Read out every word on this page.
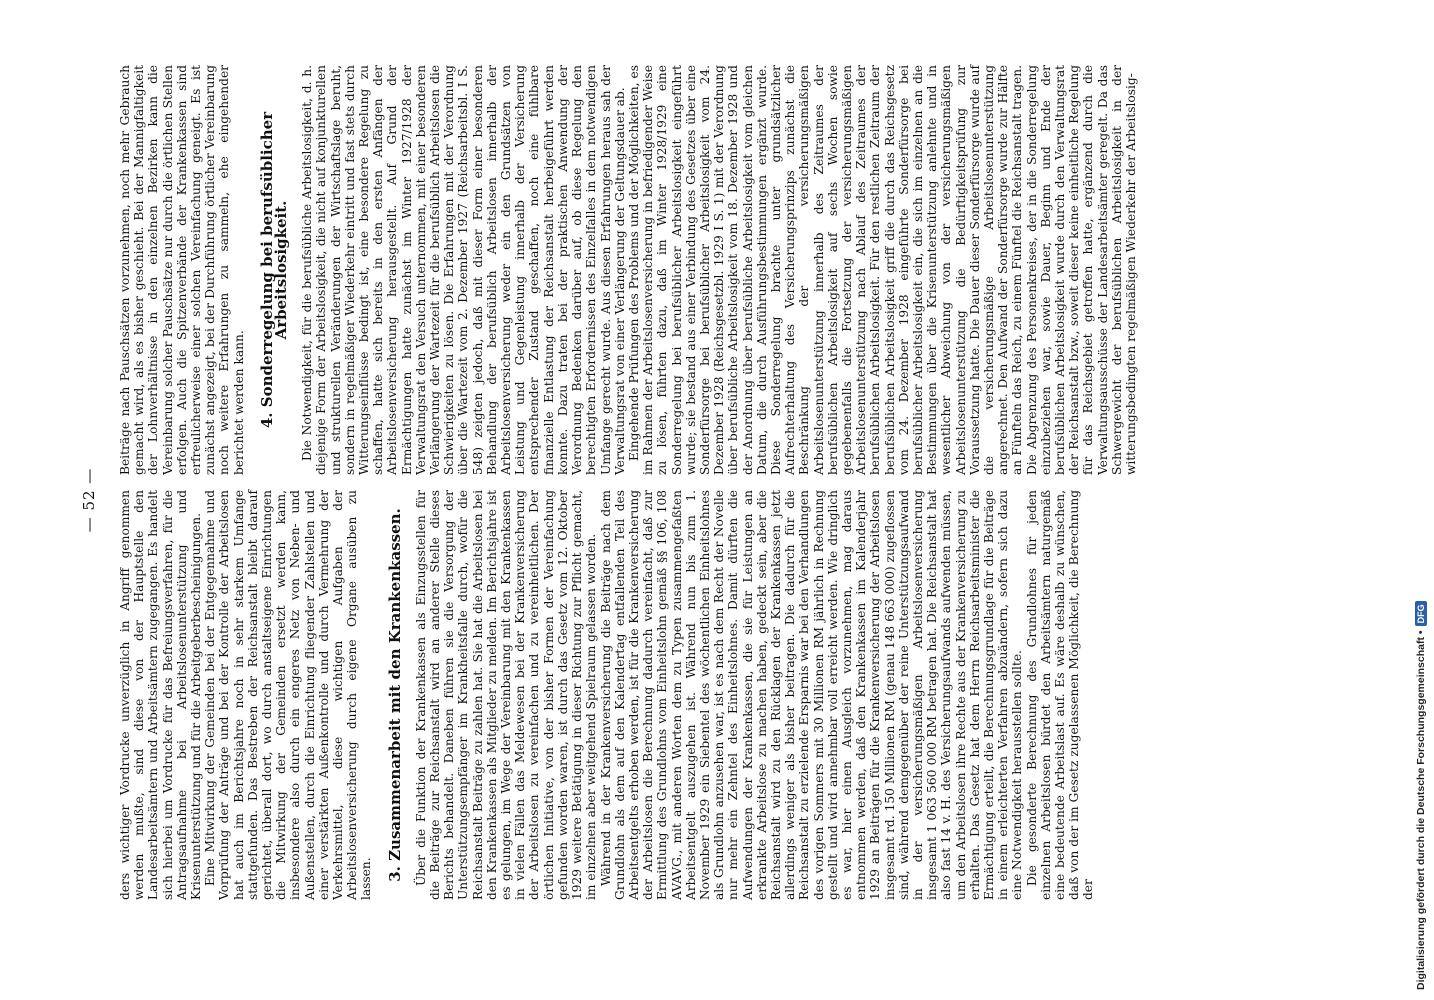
— 52 — ders wichtiger Vordrucke unverzüglich in Angriff genommen werden mußte, sind diese von der Hauptstelle den Landesarbeitsämtern und Arbeitsämtern zugegangen. Es handelt sich hierbei um Vordrucke für das Befreiungsverfahren, für die Antragsaufnahme bei Arbeitslosenunterstützung und Krisenunterstützung und für die Arbeitgeberbescheinigungen. Eine Mitwirkung der Gemeinden bei der Entgegennahme und Vorprüfung der Anträge und bei der Kontrolle der Arbeitslosen hat auch im Berichtsjahre noch in sehr starkem Umfange stattgefunden. Das Bestreben der Reichsanstalt bleibt darauf gerichtet, überall dort, wo durch anstaltseigene Einrichtungen die Mitwirkung der Gemeinden ersetzt werden kann, insbesondere also durch ein engeres Netz von Neben- und Außenstellen, durch die Einrichtung fliegender Zahlstellen und einer verstärkten Außenkontrolle und durch Vermehrung der Verkehrsmittel, diese wichtigen Aufgaben der Arbeitslosenversicherung durch eigene Organe ausüben zu lassen. 3. Zusammenarbeit mit den Krankenkassen. Über die Funktion der Krankenkassen als Einzugsstellen für die Beiträge zur Reichsanstalt wird an anderer Stelle dieses Berichts behandelt. Daneben führen sie die Versorgung der Unterstützungsempfänger im Krankheitsfalle durch, wofür die Reichsanstalt Beiträge zu zahlen hat. Sie hat die Arbeitslosen bei den Krankenkassen als Mitglieder zu melden. Im Berichtsjahre ist es gelungen, im Wege der Vereinbarung mit den Krankenkassen in vielen Fällen das Meldewesen bei der Krankenversicherung der Arbeitslosen zu vereinfachen und zu vereinheitlichen. Der örtlichen Initiative, von der bisher Formen der Vereinfachung gefunden worden waren, ist durch das Gesetz vom 12. Oktober 1929 weitere Betätigung in dieser Richtung zur Pflicht gemacht, im einzelnen aber weitgehend Spielraum gelassen worden. Während in der Krankenversicherung die Beiträge nach dem Grundlohn als dem auf den Kalendertag entfallenden Teil des Arbeitsentgelts erhoben werden, ist für die Krankenversicherung der Arbeitslosen die Berechnung dadurch vereinfacht, daß zur Ermittlung des Grundlohns vom Einheitslohn gemäß §§ 106, 108 AVAVG., mit anderen Worten dem zu Typen zusammengefaßten Arbeitsentgelt auszugehen ist. Während nun bis zum 1. November 1929 ein Siebentel des wöchentlichen Einheitslohnes als Grundlohn anzusehen war, ist es nach dem Recht der Novelle nur mehr ein Zehntel des Einheitslohnes. Damit dürften die Aufwendungen der Krankenkassen, die sie für Leistungen an erkrankte Arbeitslose zu machen haben, gedeckt sein, aber die Reichsanstalt wird zu den Rücklagen der Krankenkassen jetzt allerdings weniger als bisher beitragen. Die dadurch für die Reichsanstalt zu erzielende Ersparnis war bei den Verhandlungen des vorigen Sommers mit 30 Millionen RM jährlich in Rechnung gestellt und wird annehmbar voll erreicht werden. Wie dringlich es war, hier einen Ausgleich vorzunehmen, mag daraus entnommen werden, daß den Krankenkassen im Kalenderjahr 1929 an Beiträgen für die Krankenversicherung der Arbeitslosen insgesamt rd. 150 Millionen RM (genau 148 663 000) zugeflossen sind, während demgegenüber der reine Unterstützungsaufwand in der versicherungsmäßigen Arbeitslosenversicherung insgesamt 1 063 560 000 RM betragen hat. Die Reichsanstalt hat also fast 14 v. H. des Versicherungsaufwands aufwenden müssen, um den Arbeitslosen ihre Rechte aus der Krankenversicherung zu erhalten. Das Gesetz hat dem Herrn Reichsarbeitsminister die Ermächtigung erteilt, die Berechnungsgrundlage für die Beiträge in einem erleichterten Verfahren abzuändern, sofern sich dazu eine Notwendigkeit herausstellen sollte. Die gesonderte Berechnung des Grundlohnes für jeden einzelnen Arbeitslosen bürdet den Arbeitsämtern naturgemäß eine bedeutende Arbeitslast auf. Es wäre deshalb zu wünschen, daß von der im Gesetz zugelassenen Möglichkeit, die Berechnung der

Beiträge nach Pauschsätzen vorzunehmen, noch mehr Gebrauch gemacht wird, als es bisher geschieht. Bei der Mannigfaltigkeit der Lohnverhältnisse in den einzelnen Bezirken kann die Vereinbarung solcher Pauschsätze nur durch die örtlichen Stellen erfolgen. Auch die Spitzenverbände der Krankenkassen sind erfreulicherweise einer solchen Vereinfachung geneigt. Es ist zunächst angezeigt, bei der Durchführung örtlicher Vereinbarung noch weitere Erfahrungen zu sammeln, ehe eingehender berichtet werden kann. 4. Sonderregelung bei berufsüblicher Arbeitslosigkeit. Die Notwendigkeit, für die berufsübliche Arbeitslosigkeit, d. h. diejenige Form der Arbeitslosigkeit, die nicht auf konjunkturellen und strukturellen Veränderungen der Wirtschaftslage beruht, sondern in regelmäßiger Wiederkehr eintritt und fast stets durch Witterungseinflüsse bedingt ist, eine besondere Regelung zu schaffen, hatte sich bereits in den ersten Anfängen der Arbeitslosenversicherung herausgestellt. Auf Grund der Ermächtigungen hatte zunächst im Winter 1927/1928 der Verwaltungsrat den Versuch unternommen, mit einer besonderen Verlängerung der Wartezeit für die berufsüblich Arbeitslosen die Schwierigkeiten zu lösen. Die Erfahrungen mit der Verordnung über die Wartezeit vom 2. Dezember 1927 (Reichsarbeitsbl. I S. 548) zeigten jedoch, daß mit dieser Form einer besonderen Behandlung der berufsüblich Arbeitslosen innerhalb der Arbeitslosenversicherung weder ein den Grundsätzen von Leistung und Gegenleistung innerhalb der Versicherung entsprechender Zustand geschaffen, noch eine fühlbare finanzielle Entlastung der Reichsanstalt herbeigeführt werden konnte. Dazu traten bei der praktischen Anwendung der Verordnung Bedenken darüber auf, ob diese Regelung den berechtigten Erfordernissen des Einzelfalles in dem notwendigen Umfange gerecht wurde. Aus diesen Erfahrungen heraus sah der Verwaltungsrat von einer Verlängerung der Geltungsdauer ab. Eingehende Prüfungen des Problems und der Möglichkeiten, es im Rahmen der Arbeitslosenversicherung in befriedigender Weise zu lösen, führten dazu, daß im Winter 1928/1929 eine Sonderregelung bei berufsüblicher Arbeitslosigkeit eingeführt wurde; sie bestand aus einer Verbindung des Gesetzes über eine Sonderfürsorge bei berufsüblicher Arbeitslosigkeit vom 24. Dezember 1928 (Reichsgesetzbl. 1929 I S. 1) mit der Verordnung über berufsübliche Arbeitslosigkeit vom 18. Dezember 1928 und der Anordnung über berufsübliche Arbeitslosigkeit vom gleichen Datum, die durch Ausführungsbestimmungen ergänzt wurde. Diese Sonderregelung brachte unter grundsätzlicher Aufrechterhaltung des Versicherungsprinzips zunächst die Beschränkung der versicherungsmäßigen Arbeitslosenunterstützung innerhalb des Zeitraumes der berufsüblichen Arbeitslosigkeit auf sechs Wochen sowie gegebenenfalls die Fortsetzung der versicherungsmäßigen Arbeitslosenunterstützung nach Ablauf des Zeitraumes der berufsüblichen Arbeitslosigkeit. Für den restlichen Zeitraum der berufsüblichen Arbeitslosigkeit griff die durch das Reichsgesetz vom 24. Dezember 1928 eingeführte Sonderfürsorge bei berufsüblicher Arbeitslosigkeit ein, die sich im einzelnen an die Bestimmungen über die Krisenunterstützung anlehnte und in wesentlicher Abweichung von der versicherungsmäßigen Arbeitslosenunterstützung die Bedürftigkeitsprüfung zur Voraussetzung hatte. Die Dauer dieser Sonderfürsorge wurde auf die versicherungsmäßige Arbeitslosenunterstützung angerechnet. Den Aufwand der Sonderfürsorge wurde zur Hälfte an Fünfteln das Reich, zu einem Fünftel die Reichsanstalt tragen. Die Abgrenzung des Personenkreises, der in die Sonderregelung einzubeziehen war, sowie Dauer, Beginn und Ende der berufsüblichen Arbeitslosigkeit wurde durch den Verwaltungsrat der Reichsanstalt bzw., soweit dieser keine einheitliche Regelung für das Reichsgebiet getroffen hatte, ergänzend durch die Verwaltungsausschüsse der Landesarbeitsämter geregelt. Da das Schwergewicht der berufsüblichen Arbeitslosigkeit in der witterungsbedingten regelmäßigen Wiederkehr der Arbeitslosig-

Digitalisierung gefördert durch die Deutsche Forschungsgemeinschaft •
DFG
